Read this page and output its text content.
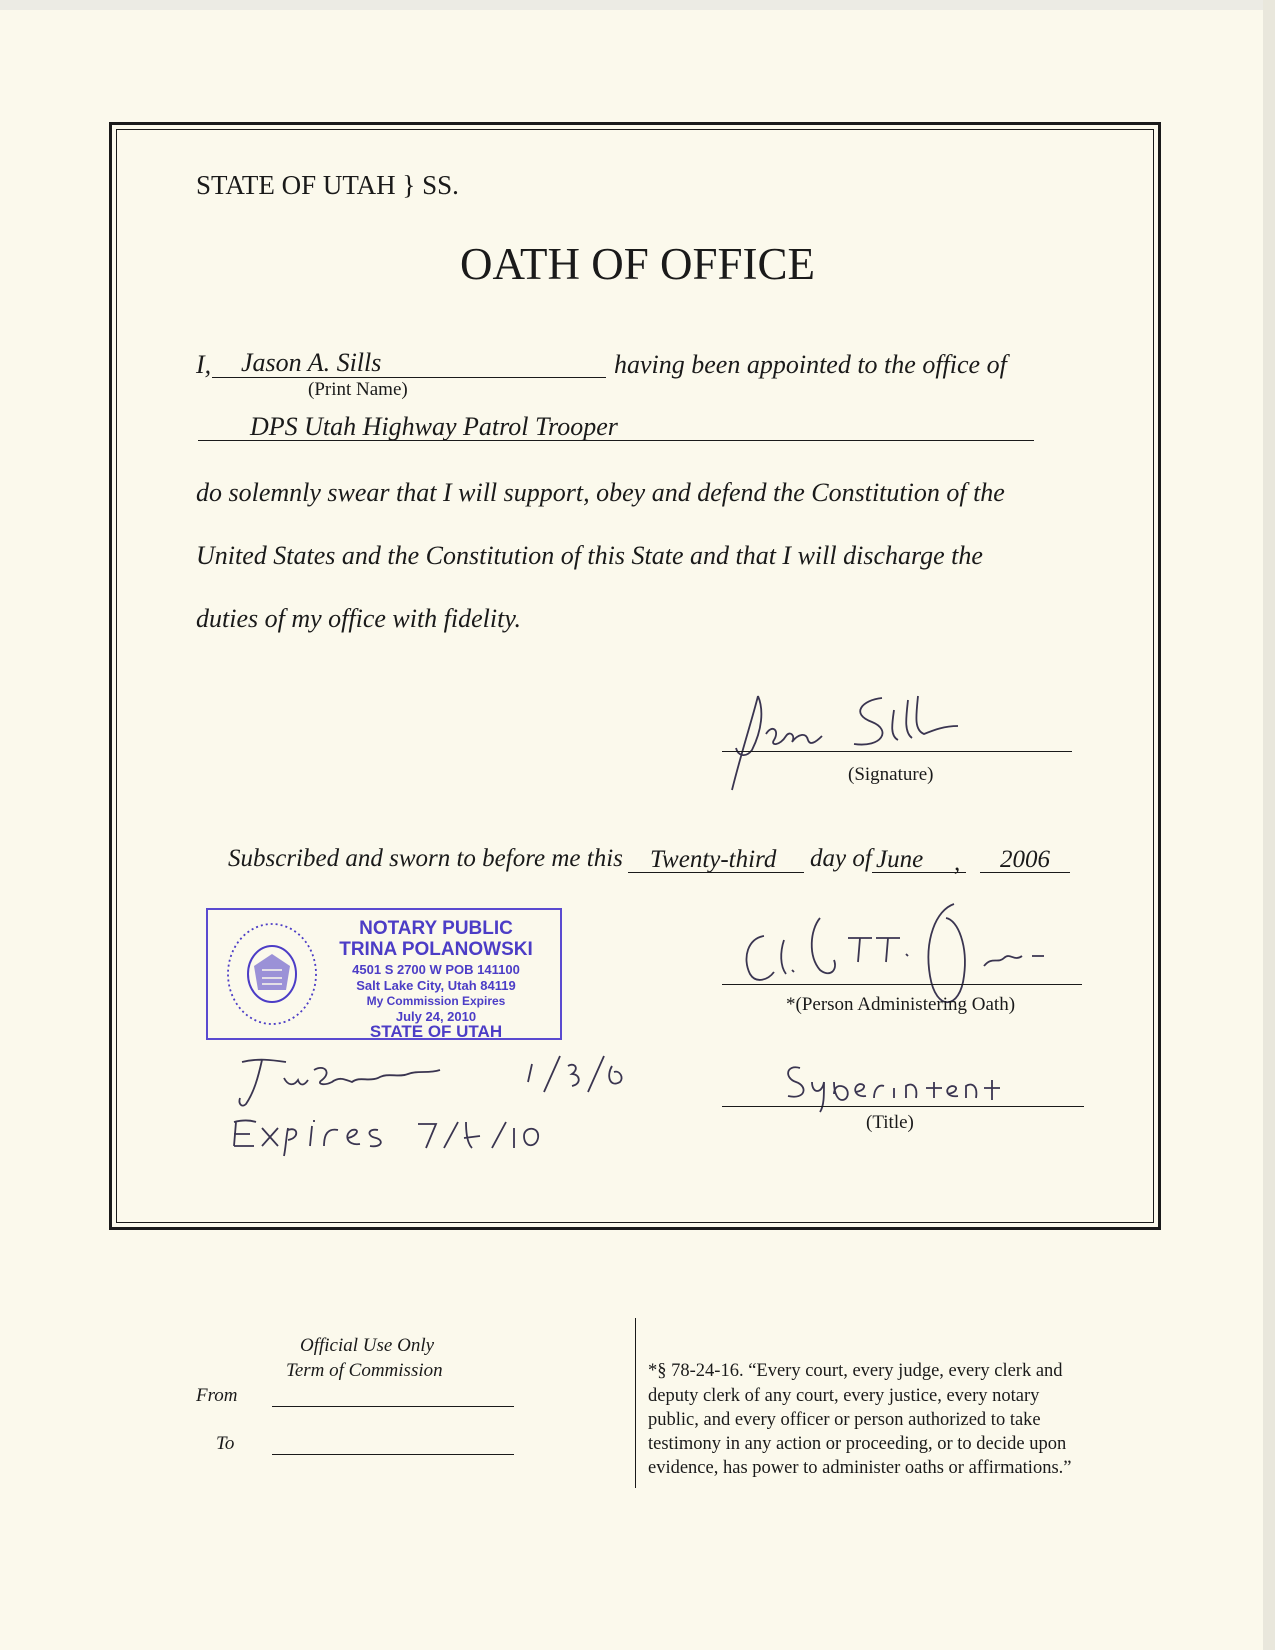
STATE OF UTAH } SS.
OATH OF OFFICE
I, Jason A. Sills	having been appointed to the office of
(Print Name)
DPS Utah Highway Patrol Trooper
do solemnly swear that I will support, obey and defend the Constitution of the
United States and the Constitution of this State and that I will discharge the
duties of my office with fidelity.
(Signature)
Subscribed and sworn to before me this Twenty-third day of June , 2006
NOTARY PUBLIC
TRINA POLANOWSKI
4501 S 2700 W POB 141100
Salt Lake City, Utah 84119
My Commission Expires
July 24, 2010
STATE OF UTAH
*(Person Administering Oath)
(Title)
Official Use Only
Term of Commission
From
To
*§ 78-24-16. “Every court, every judge, every clerk and
deputy clerk of any court, every justice, every notary
public, and every officer or person authorized to take
testimony in any action or proceeding, or to decide upon
evidence, has power to administer oaths or affirmations.”
